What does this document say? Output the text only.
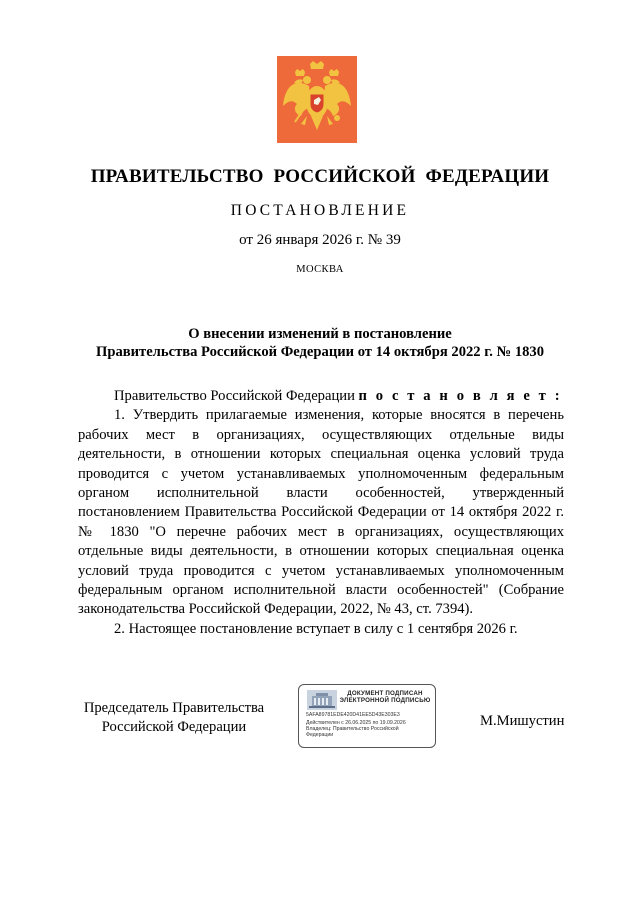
ПРАВИТЕЛЬСТВО  РОССИЙСКОЙ  ФЕДЕРАЦИИ
ПОСТАНОВЛЕНИЕ
от 26 января 2026 г. № 39
МОСКВА
О внесении изменений в постановление
Правительства Российской Федерации от 14 октября 2022 г. № 1830

Правительство Российской Федерации п о с т а н о в л я е т :

1. Утвердить прилагаемые изменения, которые вносятся в перечень рабочих мест в организациях, осуществляющих отдельные виды деятельности, в отношении которых специальная оценка условий труда проводится с учетом устанавливаемых уполномоченным федеральным органом исполнительной власти особенностей, утвержденный постановлением Правительства Российской Федерации от 14 октября 2022 г. № 1830 "О перечне рабочих мест в организациях, осуществляющих отдельные виды деятельности, в отношении которых специальная оценка условий труда проводится с учетом устанавливаемых уполномоченным федеральным органом исполнительной власти особенностей" (Собрание законодательства Российской Федерации, 2022, № 43, ст. 7394).

2. Настоящее постановление вступает в силу с 1 сентября 2026 г.

Председатель Правительства
Российской Федерации
ДОКУМЕНТ ПОДПИСАН
ЭЛЕКТРОННОЙ ПОДПИСЬЮ
5AFA89781EDE420D41EE5D43E303E3
Действителен с 26.06.2025 по 19.09.2026
Владелец: Правительство Российской
Федерации
М.Мишустин
